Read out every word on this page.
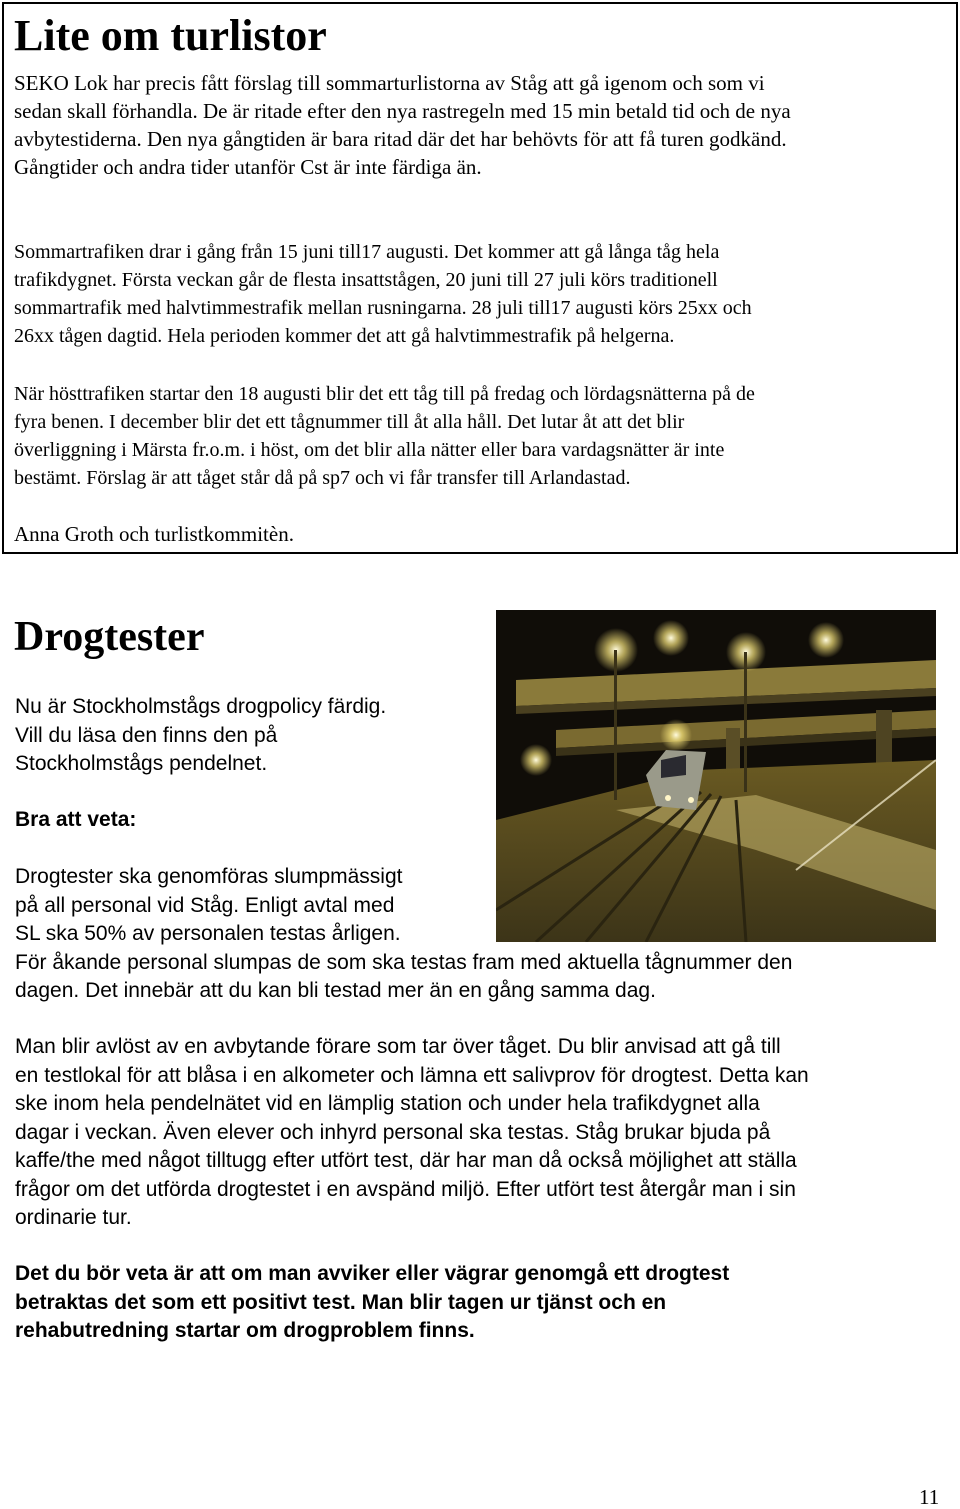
Lite om turlistor
SEKO Lok har precis fått förslag till sommarturlistorna av Ståg att gå igenom och som vi
sedan skall förhandla. De är ritade efter den nya rastregeln med 15 min betald tid och de nya
avbytestiderna. Den nya gångtiden är bara ritad där det har behövts för att få turen godkänd.
Gångtider och andra tider utanför Cst är inte färdiga än.
Sommartrafiken drar i gång från 15 juni till17 augusti. Det kommer att gå långa tåg hela
trafikdygnet. Första veckan går de flesta insattstågen, 20 juni till 27 juli körs traditionell
sommartrafik med halvtimmestrafik mellan rusningarna. 28 juli till17 augusti körs 25xx och
26xx tågen dagtid. Hela perioden kommer det att gå halvtimmestrafik på helgerna.
När hösttrafiken startar den 18 augusti blir det ett tåg till på fredag och lördagsnätterna på de
fyra benen. I december blir det ett tågnummer till åt alla håll. Det lutar åt att det blir
överliggning i Märsta fr.o.m. i höst, om det blir alla nätter eller bara vardagsnätter är inte
bestämt. Förslag är att tåget står då på sp7 och vi får transfer till Arlandastad.
Anna Groth och turlistkommitèn.
Drogtester
Nu är Stockholmstågs drogpolicy färdig.
Vill du läsa den finns den på
Stockholmstågs pendelnet.
Bra att veta:
Drogtester ska genomföras slumpmässigt
på all personal vid Ståg. Enligt avtal med
SL ska 50% av personalen testas årligen.
För åkande personal slumpas de som ska testas fram med aktuella tågnummer den
dagen. Det innebär att du kan bli testad mer än en gång samma dag.
Man blir avlöst av en avbytande förare som tar över tåget. Du blir anvisad att gå till
en testlokal för att blåsa i en alkometer och lämna ett salivprov för drogtest. Detta kan
ske inom hela pendelnätet vid en lämplig station och under hela trafikdygnet alla
dagar i veckan. Även elever och inhyrd personal ska testas. Ståg brukar bjuda på
kaffe/the med något tilltugg efter utfört test, där har man då också möjlighet att ställa
frågor om det utförda drogtestet i en avspänd miljö. Efter utfört test återgår man i sin
ordinarie tur.
Det du bör veta är att om man avviker eller vägrar genomgå ett drogtest
betraktas det som ett positivt test. Man blir tagen ur tjänst och en
rehabutredning startar om drogproblem finns.
11
